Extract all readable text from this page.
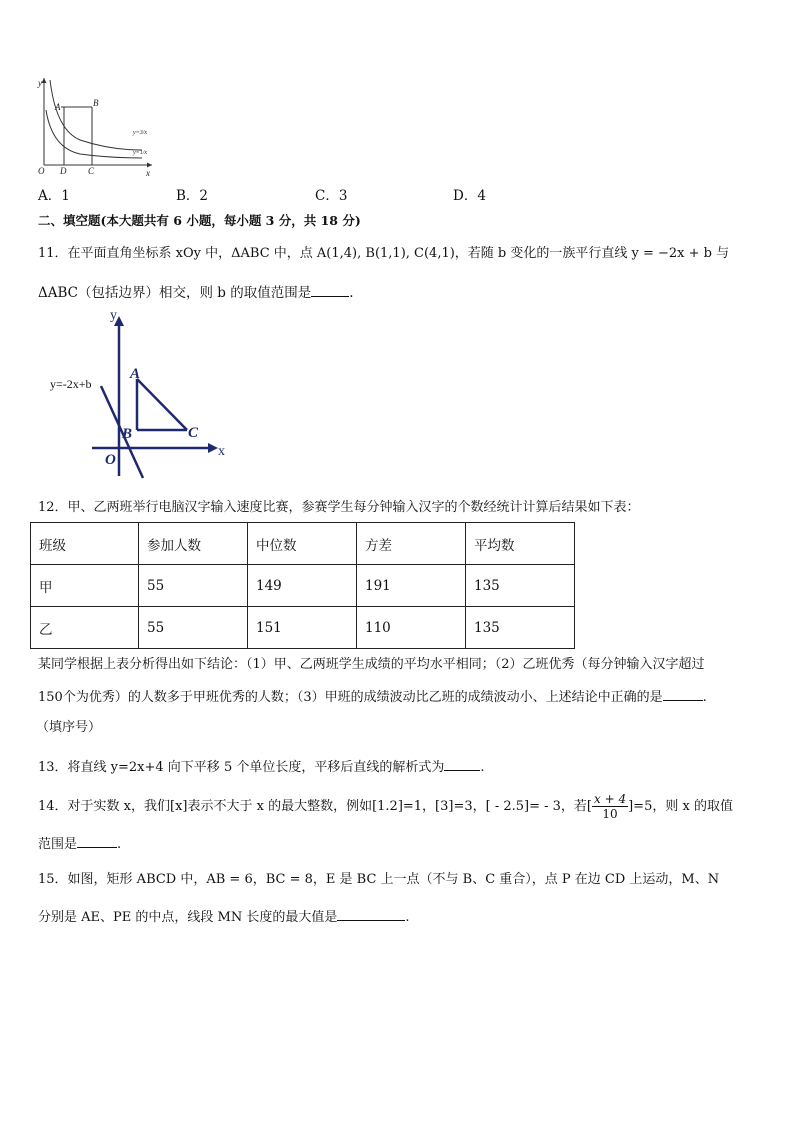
y
x
O D C
A	B
y=3/x
y=1/x
A．1	B．2	C．3	D．4
二、填空题(本大题共有 6 小题，每小题 3 分，共 18 分)
11．在平面直角坐标系 xOy 中，ΔABC 中，点 A(1,4), B(1,1), C(4,1)，若随 b 变化的一族平行直线 y = −2x + b 与
ΔABC（包括边界）相交，则 b 的取值范围是	.
y
x
O
A
B	C
y=-2x+b
12．甲、乙两班举行电脑汉字输入速度比赛，参赛学生每分钟输入汉字的个数经统计计算后结果如下表：
班级	参加人数	中位数	方差	平均数
甲	55	149	191	135
乙	55	151	110	135
某同学根据上表分析得出如下结论：（1）甲、乙两班学生成绩的平均水平相同；（2）乙班优秀（每分钟输入汉字超过
150个为优秀）的人数多于甲班优秀的人数；（3）甲班的成绩波动比乙班的成绩波动小、上述结论中正确的是	.
（填序号）
13．将直线 y=2x+4 向下平移 5 个单位长度，平移后直线的解析式为	.
14．对于实数 x，我们[x]表示不大于 x 的最大整数，例如[1.2]=1，[3]=3，[ - 2.5]= - 3，若[ $\frac{x + 4}{10} ]=5$，则 x 的取值
范围是	.
15．如图，矩形 ABCD 中，AB = 6，BC = 8，E 是 BC 上一点（不与 B、C 重合），点 P 在边 CD 上运动，M、N
分别是 AE、PE 的中点，线段 MN 长度的最大值是	.
